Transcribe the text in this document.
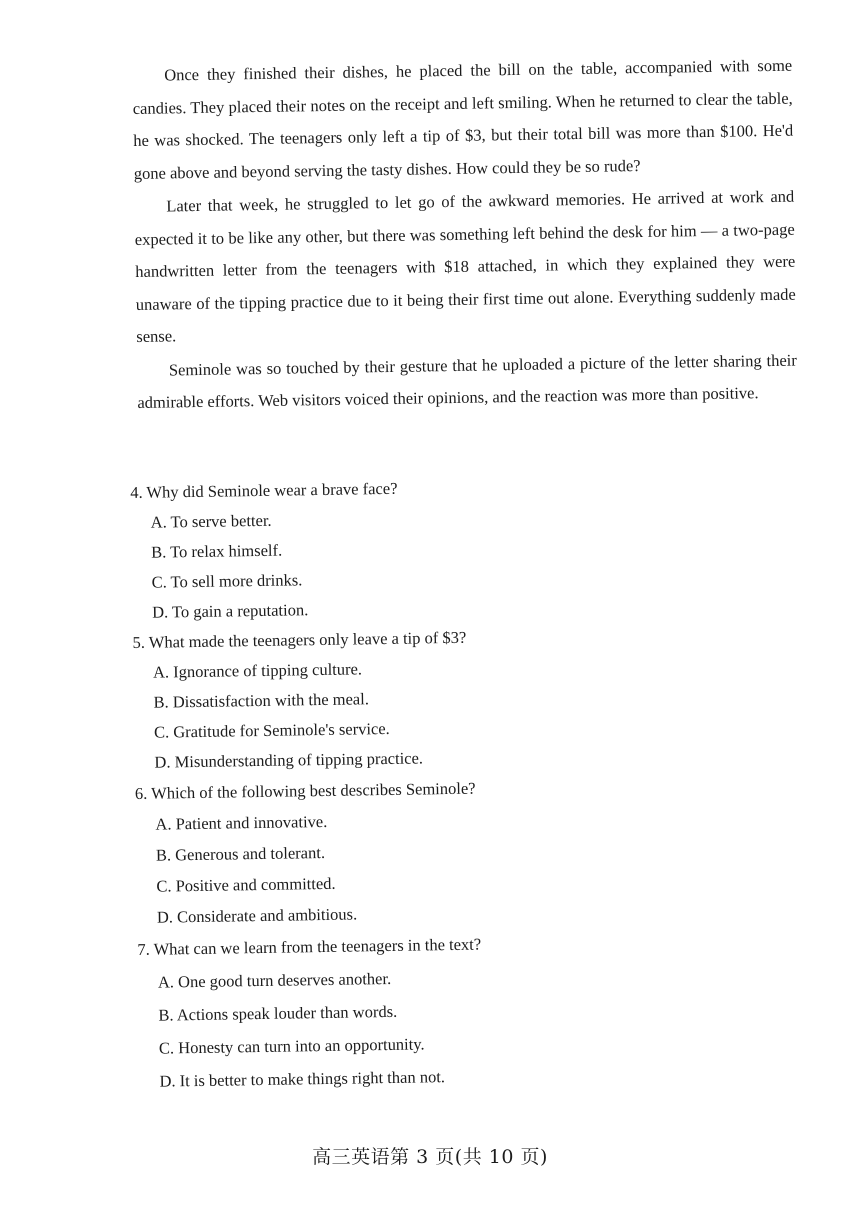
Once they finished their dishes, he placed the bill on the table, accompanied with some candies. They placed their notes on the receipt and left smiling. When he returned to clear the table, he was shocked. The teenagers only left a tip of $3, but their total bill was more than $100. He'd gone above and beyond serving the tasty dishes. How could they be so rude?

Later that week, he struggled to let go of the awkward memories. He arrived at work and expected it to be like any other, but there was something left behind the desk for him — a two-page handwritten letter from the teenagers with $18 attached, in which they explained they were unaware of the tipping practice due to it being their first time out alone. Everything suddenly made sense.

Seminole was so touched by their gesture that he uploaded a picture of the letter sharing their admirable efforts. Web visitors voiced their opinions, and the reaction was more than positive.

4. Why did Seminole wear a brave face?
A. To serve better.
B. To relax himself.
C. To sell more drinks.
D. To gain a reputation.
5. What made the teenagers only leave a tip of $3?
A. Ignorance of tipping culture.
B. Dissatisfaction with the meal.
C. Gratitude for Seminole's service.
D. Misunderstanding of tipping practice.
6. Which of the following best describes Seminole?
A. Patient and innovative.
B. Generous and tolerant.
C. Positive and committed.
D. Considerate and ambitious.
7. What can we learn from the teenagers in the text?
A. One good turn deserves another.
B. Actions speak louder than words.
C. Honesty can turn into an opportunity.
D. It is better to make things right than not.
高三英语第 3 页(共 10 页)
